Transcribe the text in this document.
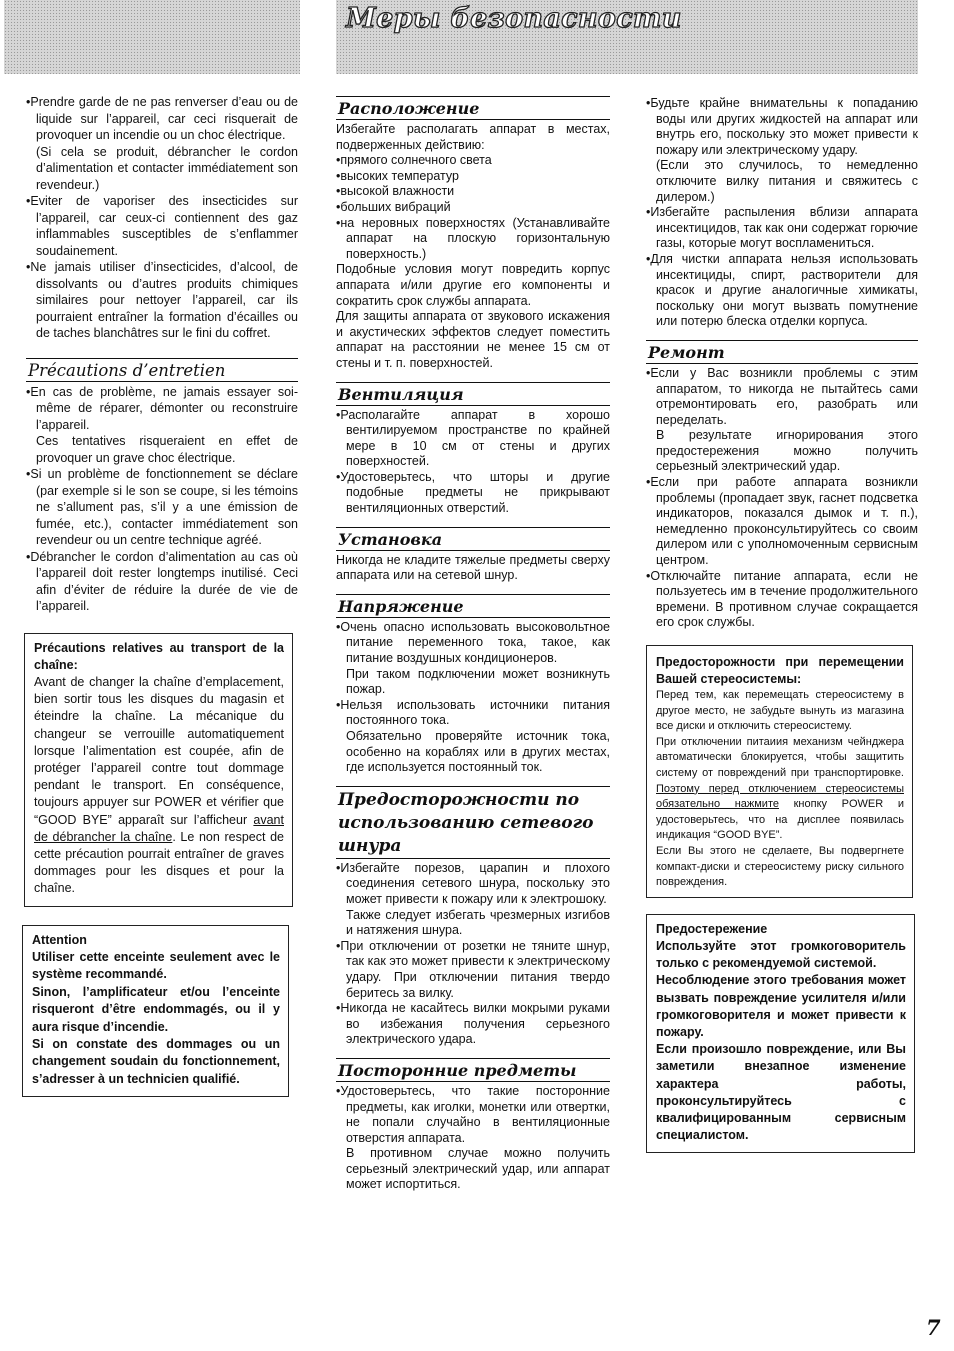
Меры безопасности

•Prendre garde de ne pas renverser d’eau ou de liquide sur l’appareil, car ceci risquerait de provoquer un incendie ou un choc électrique.

(Si cela se produit, débrancher le cordon d’alimentation et contacter immédiatement son revendeur.)

•Eviter de vaporiser des insecticides sur l’appareil, car ceux-ci contiennent des gaz inflammables susceptibles de s’enflammer soudainement.

•Ne jamais utiliser d’insecticides, d’alcool, de dissolvants ou d’autres produits chimiques similaires pour nettoyer l’appareil, car ils pourraient entraîner la formation d’écailles ou de taches blanchâtres sur le fini du coffret.

Précautions d’entretien

•En cas de problème, ne jamais essayer soi-même de réparer, démonter ou reconstruire l’appareil.

Ces tentatives risqueraient en effet de provoquer un grave choc électrique.

•Si un problème de fonctionnement se déclare (par exemple si le son se coupe, si les témoins ne s’allument pas, s’il y a une émission de fumée, etc.), contacter immédiatement son revendeur ou un centre technique agréé.

•Débrancher le cordon d’alimentation au cas où l’appareil doit rester longtemps inutilisé. Ceci afin d’éviter de réduire la durée de vie de l’appareil.

Précautions relatives au transport de la chaîne:

Avant de changer la chaîne d’emplacement, bien sortir tous les disques du magasin et éteindre la chaîne. La mécanique du changeur se verrouille automatiquement lorsque l’alimentation est coupée, afin de protéger l’appareil contre tout dommage pendant le transport. En conséquence, toujours appuyer sur POWER et vérifier que “GOOD BYE” apparaît sur l’afficheur avant de débrancher la chaîne. Le non respect de cette précaution pourrait entraîner de graves dommages pour les disques et pour la chaîne.

Attention

Utiliser cette enceinte seulement avec le système recommandé.

Sinon, l’amplificateur et/ou l’enceinte risqueront d’être endommagés, ou il y aura risque d’incendie.

Si on constate des dommages ou un changement soudain du fonctionnement, s’adresser à un technicien qualifié.

Расположение

Избегайте располагать аппарат в местах, подверженных действию:

•прямого солнечного света

•высоких температур

•высокой влажности

•больших вибраций

•на неровных поверхностях (Устанавливайте аппарат на плоскую горизонтальную поверхность.)

Подобные условия могут повредить корпус аппарата и/или другие его компоненты и сократить срок службы аппарата.

Для защиты аппарата от звукового искажения и акустических эффектов следует поместить аппарат на расстоянии не менее 15 см от стены и т. п. поверхностей.

Вентиляция

•Располагайте аппарат в хорошо вентилируемом пространстве по крайней мере в 10 см от стены и других поверхностей.

•Удостоверьтесь, что шторы и другие подобные предметы не прикрывают вентиляционных отверстий.

Установка

Никогда не кладите тяжелые предметы сверху аппарата или на сетевой шнур.

Напряжение

•Очень опасно использовать высоковольтное питание переменного тока, такое, как питание воздушных кондиционеров.

При таком подключении может возникнуть пожар.

•Нельзя использовать источники питания постоянного тока.

Обязательно проверяйте источник тока, особенно на кораблях или в других местах, где используется постоянный ток.

Предосторожности по
использованию сетевого
шнура

•Избегайте порезов, царапин и плохого соединения сетевого шнура, поскольку это может привести к пожару или к электрошоку.

Также следует избегать чрезмерных изгибов и натяжения шнура.

•При отключении от розетки не тяните шнур, так как это может привести к электрическому удару. При отключении питания твердо беритесь за вилку.

•Никогда не касайтесь вилки мокрыми руками во избежания получения серьезного электрического удара.

Посторонние предметы

•Удостоверьтесь, что такие посторонние предметы, как иголки, монетки или отвертки, не попали случайно в вентиляционные отверстия аппарата.

В противном случае можно получить серьезный электрический удар, или аппарат может испортиться.

•Будьте крайне внимательны к попаданию воды или других жидкостей на аппарат или внутрь его, поскольку это может привести к пожару или электрическому удару.

(Если это случилось, то немедленно отключите вилку питания и свяжитесь с дилером.)

•Избегайте распыления вблизи аппарата инсектицидов, так как они содержат горючие газы, которые могут воспламениться.

•Для чистки аппарата нельзя использовать инсектициды, спирт, растворители для красок и другие аналогичные химикаты, поскольку они могут вызвать помутнение или потерю блеска отделки корпуса.

Ремонт

•Если у Вас возникли проблемы с этим аппаратом, то никогда не пытайтесь сами отремонтировать его, разобрать или переделать.

В результате игнорирования этого предостережения можно получить серьезный электрический удар.

•Если при работе аппарата возникли проблемы (пропадает звук, гаснет подсветка индикаторов, показался дымок и т. п.), немедленно проконсультируйтесь со своим дилером или с уполномоченным сервисным центром.

•Отключайте питание аппарата, если не пользуетесь им в течение продолжительного времени. В противном случае сокращается его срок службы.

Предосторожности при перемещении Вашей стереосистемы:

Перед тем, как перемещать стереосистему в другое место, не забудьте вынуть из магазина все диски и отключить стереосистему.

При отключении питаиия механизм чейнджера автоматически блокируется, чтобы защитить систему от повреждений при транспортировке. Поэтому перед отключением стереосистемы обязательно нажмите кнопку POWER и удостоверьтесь, что на дисплее появилась индикация “GOOD BYE”.

Если Вы этого не сделаете, Вы подвергнете компакт-диски и стереосистему риску сильного повреждения.

Предостережение

Используйте этот громкоговоритель только с рекомендуемой системой.

Несоблюдение этого требования может вызвать повреждение усилителя и/или громкоговорителя и может привести к пожару.

Если произошло повреждение, или Вы заметили внезапное изменение характера работы, проконсультируйтесь с квалифицированным сервисным специалистом.

7
